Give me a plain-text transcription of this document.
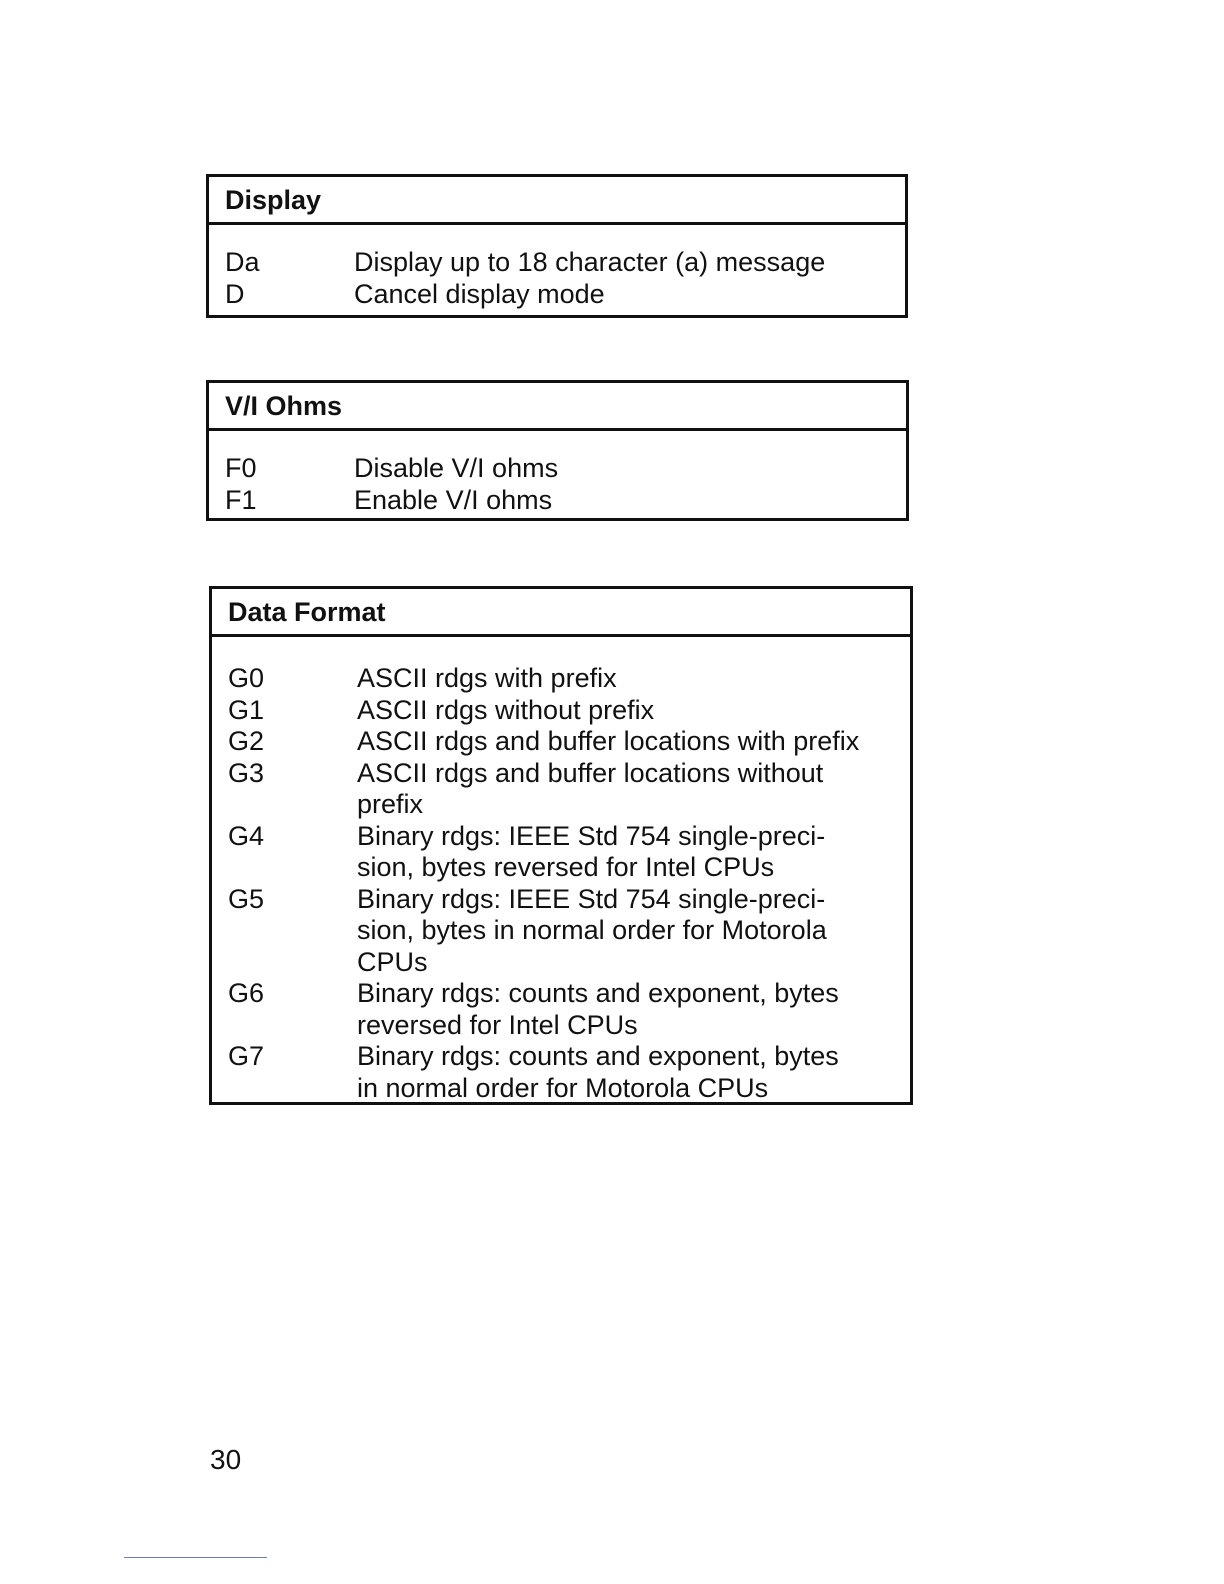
Display
Da	Display up to 18 character (a) message
D	Cancel display mode
V/I Ohms
F0	Disable V/I ohms
F1	Enable V/I ohms
Data Format
G0	ASCII rdgs with prefix
G1	ASCII rdgs without prefix
G2	ASCII rdgs and buffer locations with prefix
G3	ASCII rdgs and buffer locations without
prefix
G4	Binary rdgs: IEEE Std 754 single-preci-
sion, bytes reversed for Intel CPUs
G5	Binary rdgs: IEEE Std 754 single-preci-
sion, bytes in normal order for Motorola
CPUs
G6	Binary rdgs: counts and exponent, bytes
reversed for Intel CPUs
G7	Binary rdgs: counts and exponent, bytes
in normal order for Motorola CPUs
30
